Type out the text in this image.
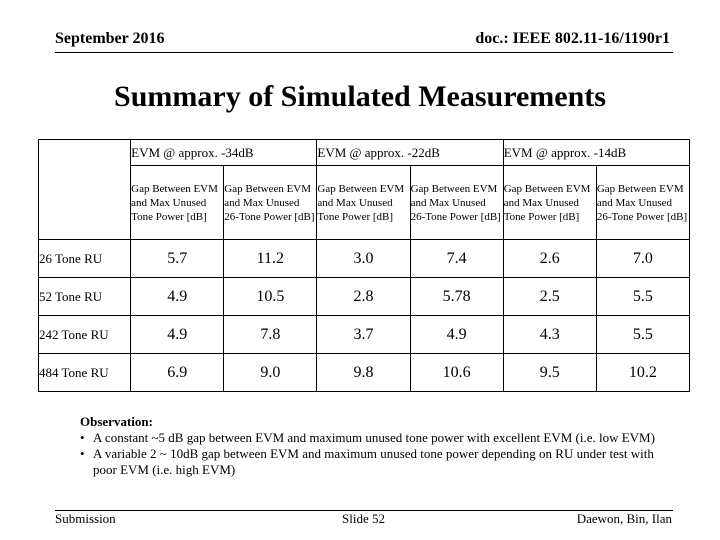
September 2016	doc.: IEEE 802.11-16/1190r1
Summary of Simulated Measurements
	EVM @ approx. -34dB		EVM @ approx. -22dB		EVM @ approx. -14dB	
	Gap Between EVM and Max Unused Tone Power [dB]	Gap Between EVM and Max Unused 26-Tone Power [dB]	Gap Between EVM and Max Unused Tone Power [dB]	Gap Between EVM and Max Unused 26-Tone Power [dB]	Gap Between EVM and Max Unused Tone Power [dB]	Gap Between EVM and Max Unused 26-Tone Power [dB]
26 Tone RU	5.7	11.2	3.0	7.4	2.6	7.0
52 Tone RU	4.9	10.5	2.8	5.78	2.5	5.5
242 Tone RU	4.9	7.8	3.7	4.9	4.3	5.5
484 Tone RU	6.9	9.0	9.8	10.6	9.5	10.2
Observation:
• A constant ~5 dB gap between EVM and maximum unused tone power with excellent EVM (i.e. low EVM)
• A variable 2 ~ 10dB gap between EVM and maximum unused tone power depending on RU under test with poor EVM (i.e. high EVM)
Submission	Slide 52	Daewon, Bin, Ilan
